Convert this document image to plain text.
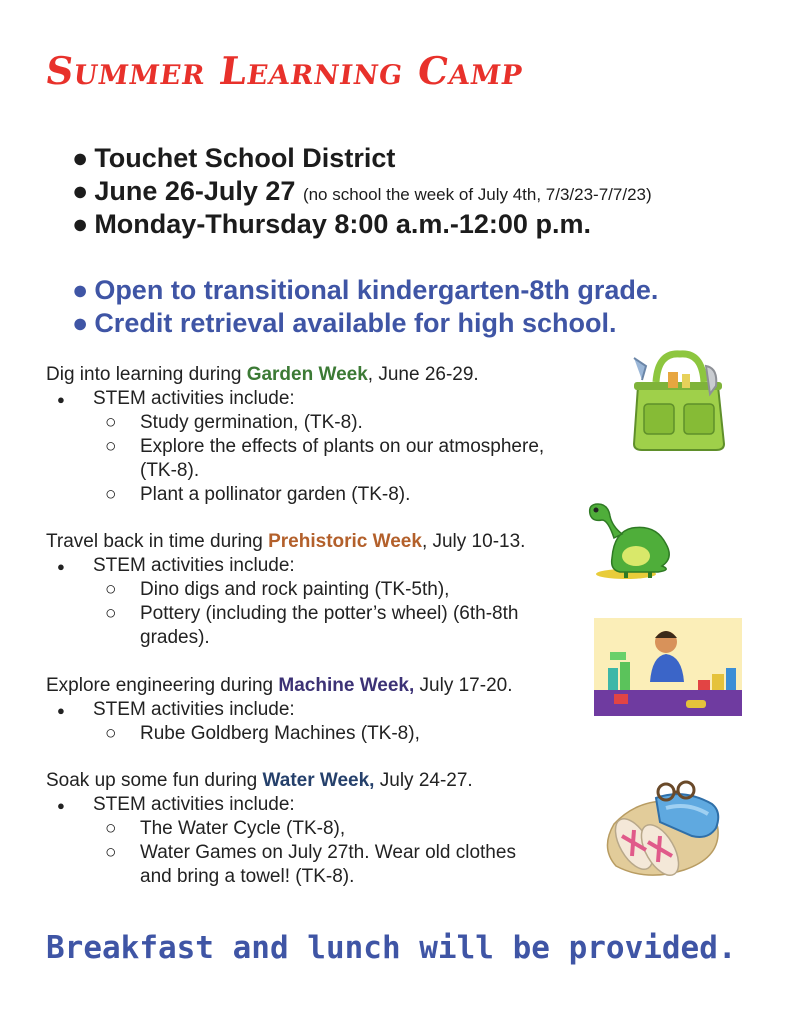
Summer Learning Camp
● Touchet School District
● June 26-July 27 (no school the week of July 4th, 7/3/23-7/7/23)
● Monday-Thursday 8:00 a.m.-12:00 p.m.
● Open to transitional kindergarten-8th grade.
● Credit retrieval available for high school.
Dig into learning during Garden Week, June 26-29.
● STEM activities include:
○ Study germination, (TK-8).
○ Explore the effects of plants on our atmosphere,
(TK-8).
○ Plant a pollinator garden (TK-8).
Travel back in time during Prehistoric Week, July 10-13.
● STEM activities include:
○ Dino digs and rock painting (TK-5th),
○ Pottery (including the potter’s wheel) (6th-8th
grades).
Explore engineering during Machine Week, July 17-20.
● STEM activities include:
○ Rube Goldberg Machines (TK-8),
Soak up some fun during Water Week, July 24-27.
● STEM activities include:
○ The Water Cycle (TK-8),
○ Water Games on July 27th. Wear old clothes
and bring a towel! (TK-8).
Breakfast and lunch will be provided.
